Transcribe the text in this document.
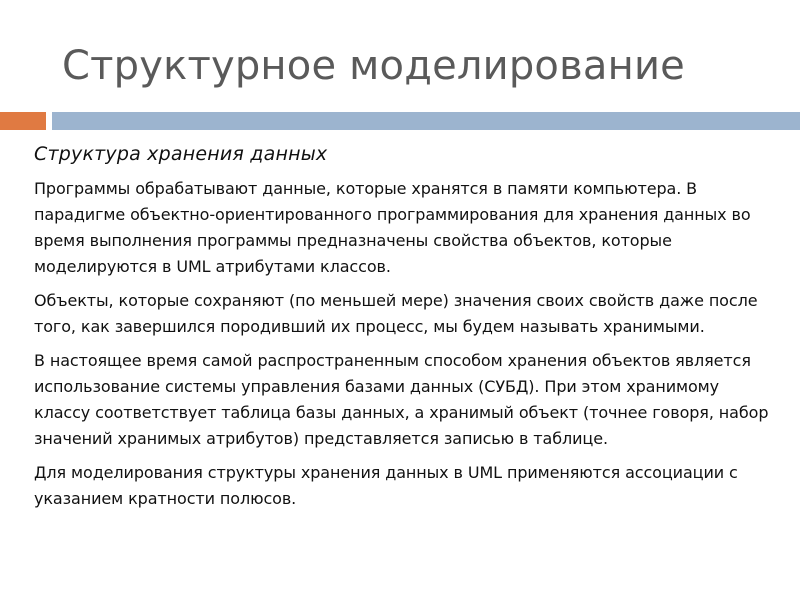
Структурное моделирование
Структура хранения данных
Программы обрабатывают данные, которые хранятся в памяти компьютера. В парадигме объектно-ориентированного программирования для хранения данных во время выполнения программы предназначены свойства объектов, которые моделируются в UML атрибутами классов.
Объекты, которые сохраняют (по меньшей мере) значения своих свойств даже после того, как завершился породивший их процесс, мы будем называть хранимыми.
В настоящее время самой распространенным способом хранения объектов является использование системы управления базами данных (СУБД). При этом хранимому классу соответствует таблица базы данных, а хранимый объект (точнее говоря, набор значений хранимых атрибутов) представляется записью в таблице.
Для моделирования структуры хранения данных в UML применяются ассоциации с указанием кратности полюсов.
